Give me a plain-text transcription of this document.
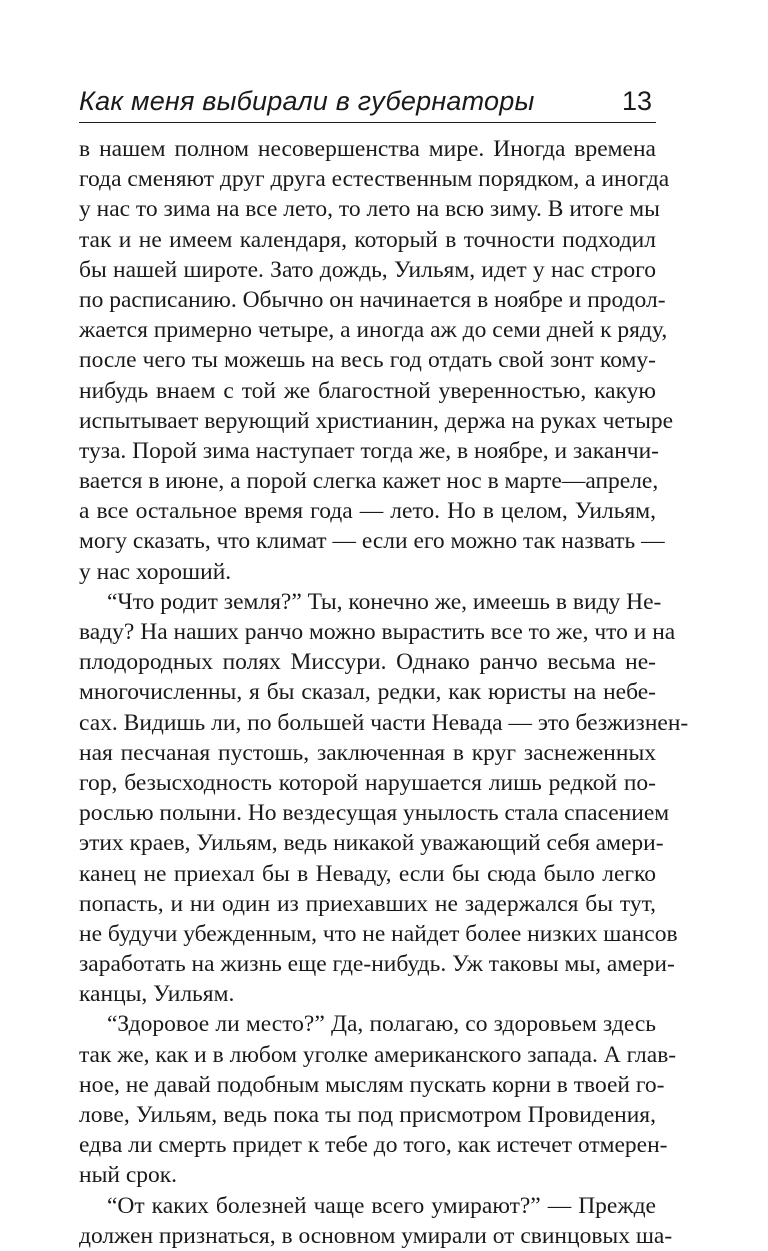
Как меня выбирали в губернаторы	13
в нашем полном несовершенства мире. Иногда времена
года сменяют друг друга естественным порядком, а иногда
у нас то зима на все лето, то лето на всю зиму. В итоге мы
так и не имеем календаря, который в точности подходил
бы нашей широте. Зато дождь, Уильям, идет у нас строго
по расписанию. Обычно он начинается в ноябре и продол-
жается примерно четыре, а иногда аж до семи дней к ряду,
после чего ты можешь на весь год отдать свой зонт кому-
нибудь внаем с той же благостной уверенностью, какую
испытывает верующий христианин, держа на руках четыре
туза. Порой зима наступает тогда же, в ноябре, и заканчи-
вается в июне, а порой слегка кажет нос в марте—апреле,
а все остальное время года — лето. Но в целом, Уильям,
могу сказать, что климат — если его можно так назвать —
у нас хороший.
“Что родит земля?” Ты, конечно же, имеешь в виду Не-
ваду? На наших ранчо можно вырастить все то же, что и на
плодородных полях Миссури. Однако ранчо весьма не-
многочисленны, я бы сказал, редки, как юристы на небе-
сах. Видишь ли, по большей части Невада — это безжизнен-
ная песчаная пустошь, заключенная в круг заснеженных
гор, безысходность которой нарушается лишь редкой по-
рослью полыни. Но вездесущая унылость стала спасением
этих краев, Уильям, ведь никакой уважающий себя амери-
канец не приехал бы в Неваду, если бы сюда было легко
попасть, и ни один из приехавших не задержался бы тут,
не будучи убежденным, что не найдет более низких шансов
заработать на жизнь еще где-нибудь. Уж таковы мы, амери-
канцы, Уильям.
“Здоровое ли место?” Да, полагаю, со здоровьем здесь
так же, как и в любом уголке американского запада. А глав-
ное, не давай подобным мыслям пускать корни в твоей го-
лове, Уильям, ведь пока ты под присмотром Провидения,
едва ли смерть придет к тебе до того, как истечет отмерен-
ный срок.
“От каких болезней чаще всего умирают?” — Прежде
должен признаться, в основном умирали от свинцовых ша-
